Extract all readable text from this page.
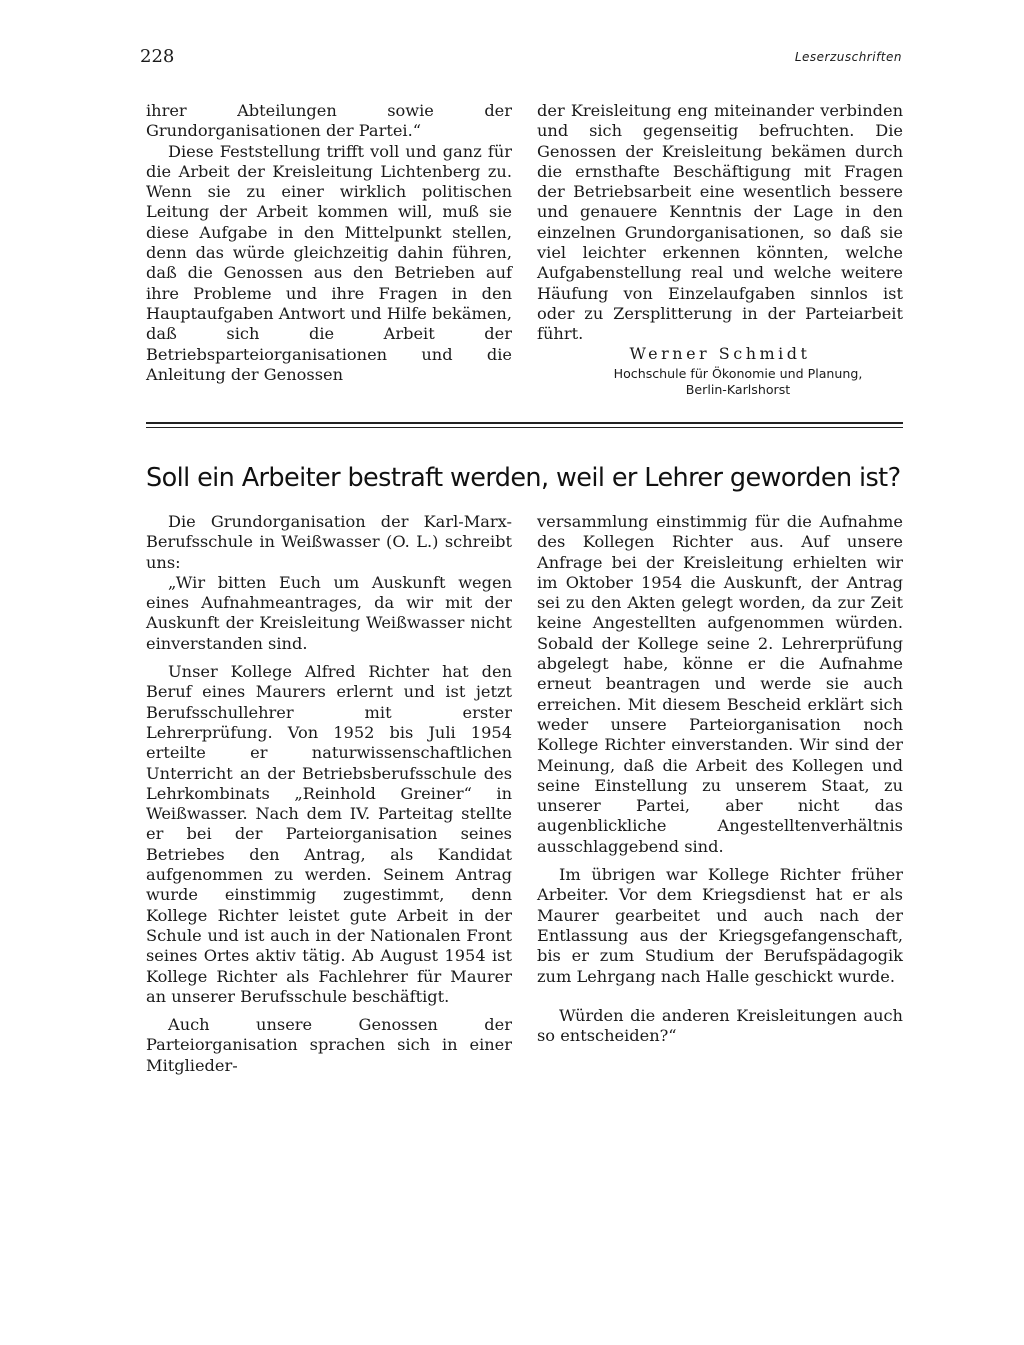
228	Leserzuschriften

ihrer Abteilungen sowie der Grundorganisationen der Partei.“

Diese Feststellung trifft voll und ganz für die Arbeit der Kreisleitung Lichtenberg zu. Wenn sie zu einer wirklich politischen Leitung der Arbeit kommen will, muß sie diese Aufgabe in den Mittelpunkt stellen, denn das würde gleichzeitig dahin führen, daß die Genossen aus den Betrieben auf ihre Probleme und ihre Fragen in den Hauptaufgaben Antwort und Hilfe bekämen, daß sich die Arbeit der Betriebsparteiorganisationen und die Anleitung der Genossen

der Kreisleitung eng miteinander verbinden und sich gegenseitig befruchten. Die Genossen der Kreisleitung bekämen durch die ernsthafte Beschäftigung mit Fragen der Betriebsarbeit eine wesentlich bessere und genauere Kenntnis der Lage in den einzelnen Grundorganisationen, so daß sie viel leichter erkennen könnten, welche Aufgabenstellung real und welche weitere Häufung von Einzelaufgaben sinnlos ist oder zu Zersplitterung in der Parteiarbeit führt.

Werner Schmidt
Hochschule für Ökonomie und Planung,
Berlin-Karlshorst
Soll ein Arbeiter bestraft werden, weil er Lehrer geworden ist?

Die Grundorganisation der Karl-Marx-Berufsschule in Weißwasser (O. L.) schreibt uns:

„Wir bitten Euch um Auskunft wegen eines Aufnahmeantrages, da wir mit der Auskunft der Kreisleitung Weißwasser nicht einverstanden sind.

Unser Kollege Alfred Richter hat den Beruf eines Maurers erlernt und ist jetzt Berufsschullehrer mit erster Lehrerprüfung. Von 1952 bis Juli 1954 erteilte er naturwissenschaftlichen Unterricht an der Betriebsberufsschule des Lehrkombinats „Reinhold Greiner“ in Weißwasser. Nach dem IV. Parteitag stellte er bei der Parteiorganisation seines Betriebes den Antrag, als Kandidat aufgenommen zu werden. Seinem Antrag wurde einstimmig zugestimmt, denn Kollege Richter leistet gute Arbeit in der Schule und ist auch in der Nationalen Front seines Ortes aktiv tätig. Ab August 1954 ist Kollege Richter als Fachlehrer für Maurer an unserer Berufsschule beschäftigt.

Auch unsere Genossen der Parteiorganisation sprachen sich in einer Mitglieder-

versammlung einstimmig für die Aufnahme des Kollegen Richter aus. Auf unsere Anfrage bei der Kreisleitung erhielten wir im Oktober 1954 die Auskunft, der Antrag sei zu den Akten gelegt worden, da zur Zeit keine Angestellten aufgenommen würden. Sobald der Kollege seine 2. Lehrerprüfung abgelegt habe, könne er die Aufnahme erneut beantragen und werde sie auch erreichen. Mit diesem Bescheid erklärt sich weder unsere Parteiorganisation noch Kollege Richter einverstanden. Wir sind der Meinung, daß die Arbeit des Kollegen und seine Einstellung zu unserem Staat, zu unserer Partei, aber nicht das augenblickliche Angestelltenverhältnis ausschlaggebend sind.

Im übrigen war Kollege Richter früher Arbeiter. Vor dem Kriegsdienst hat er als Maurer gearbeitet und auch nach der Entlassung aus der Kriegsgefangenschaft, bis er zum Studium der Berufspädagogik zum Lehrgang nach Halle geschickt wurde.

Würden die anderen Kreisleitungen auch so entscheiden?“
